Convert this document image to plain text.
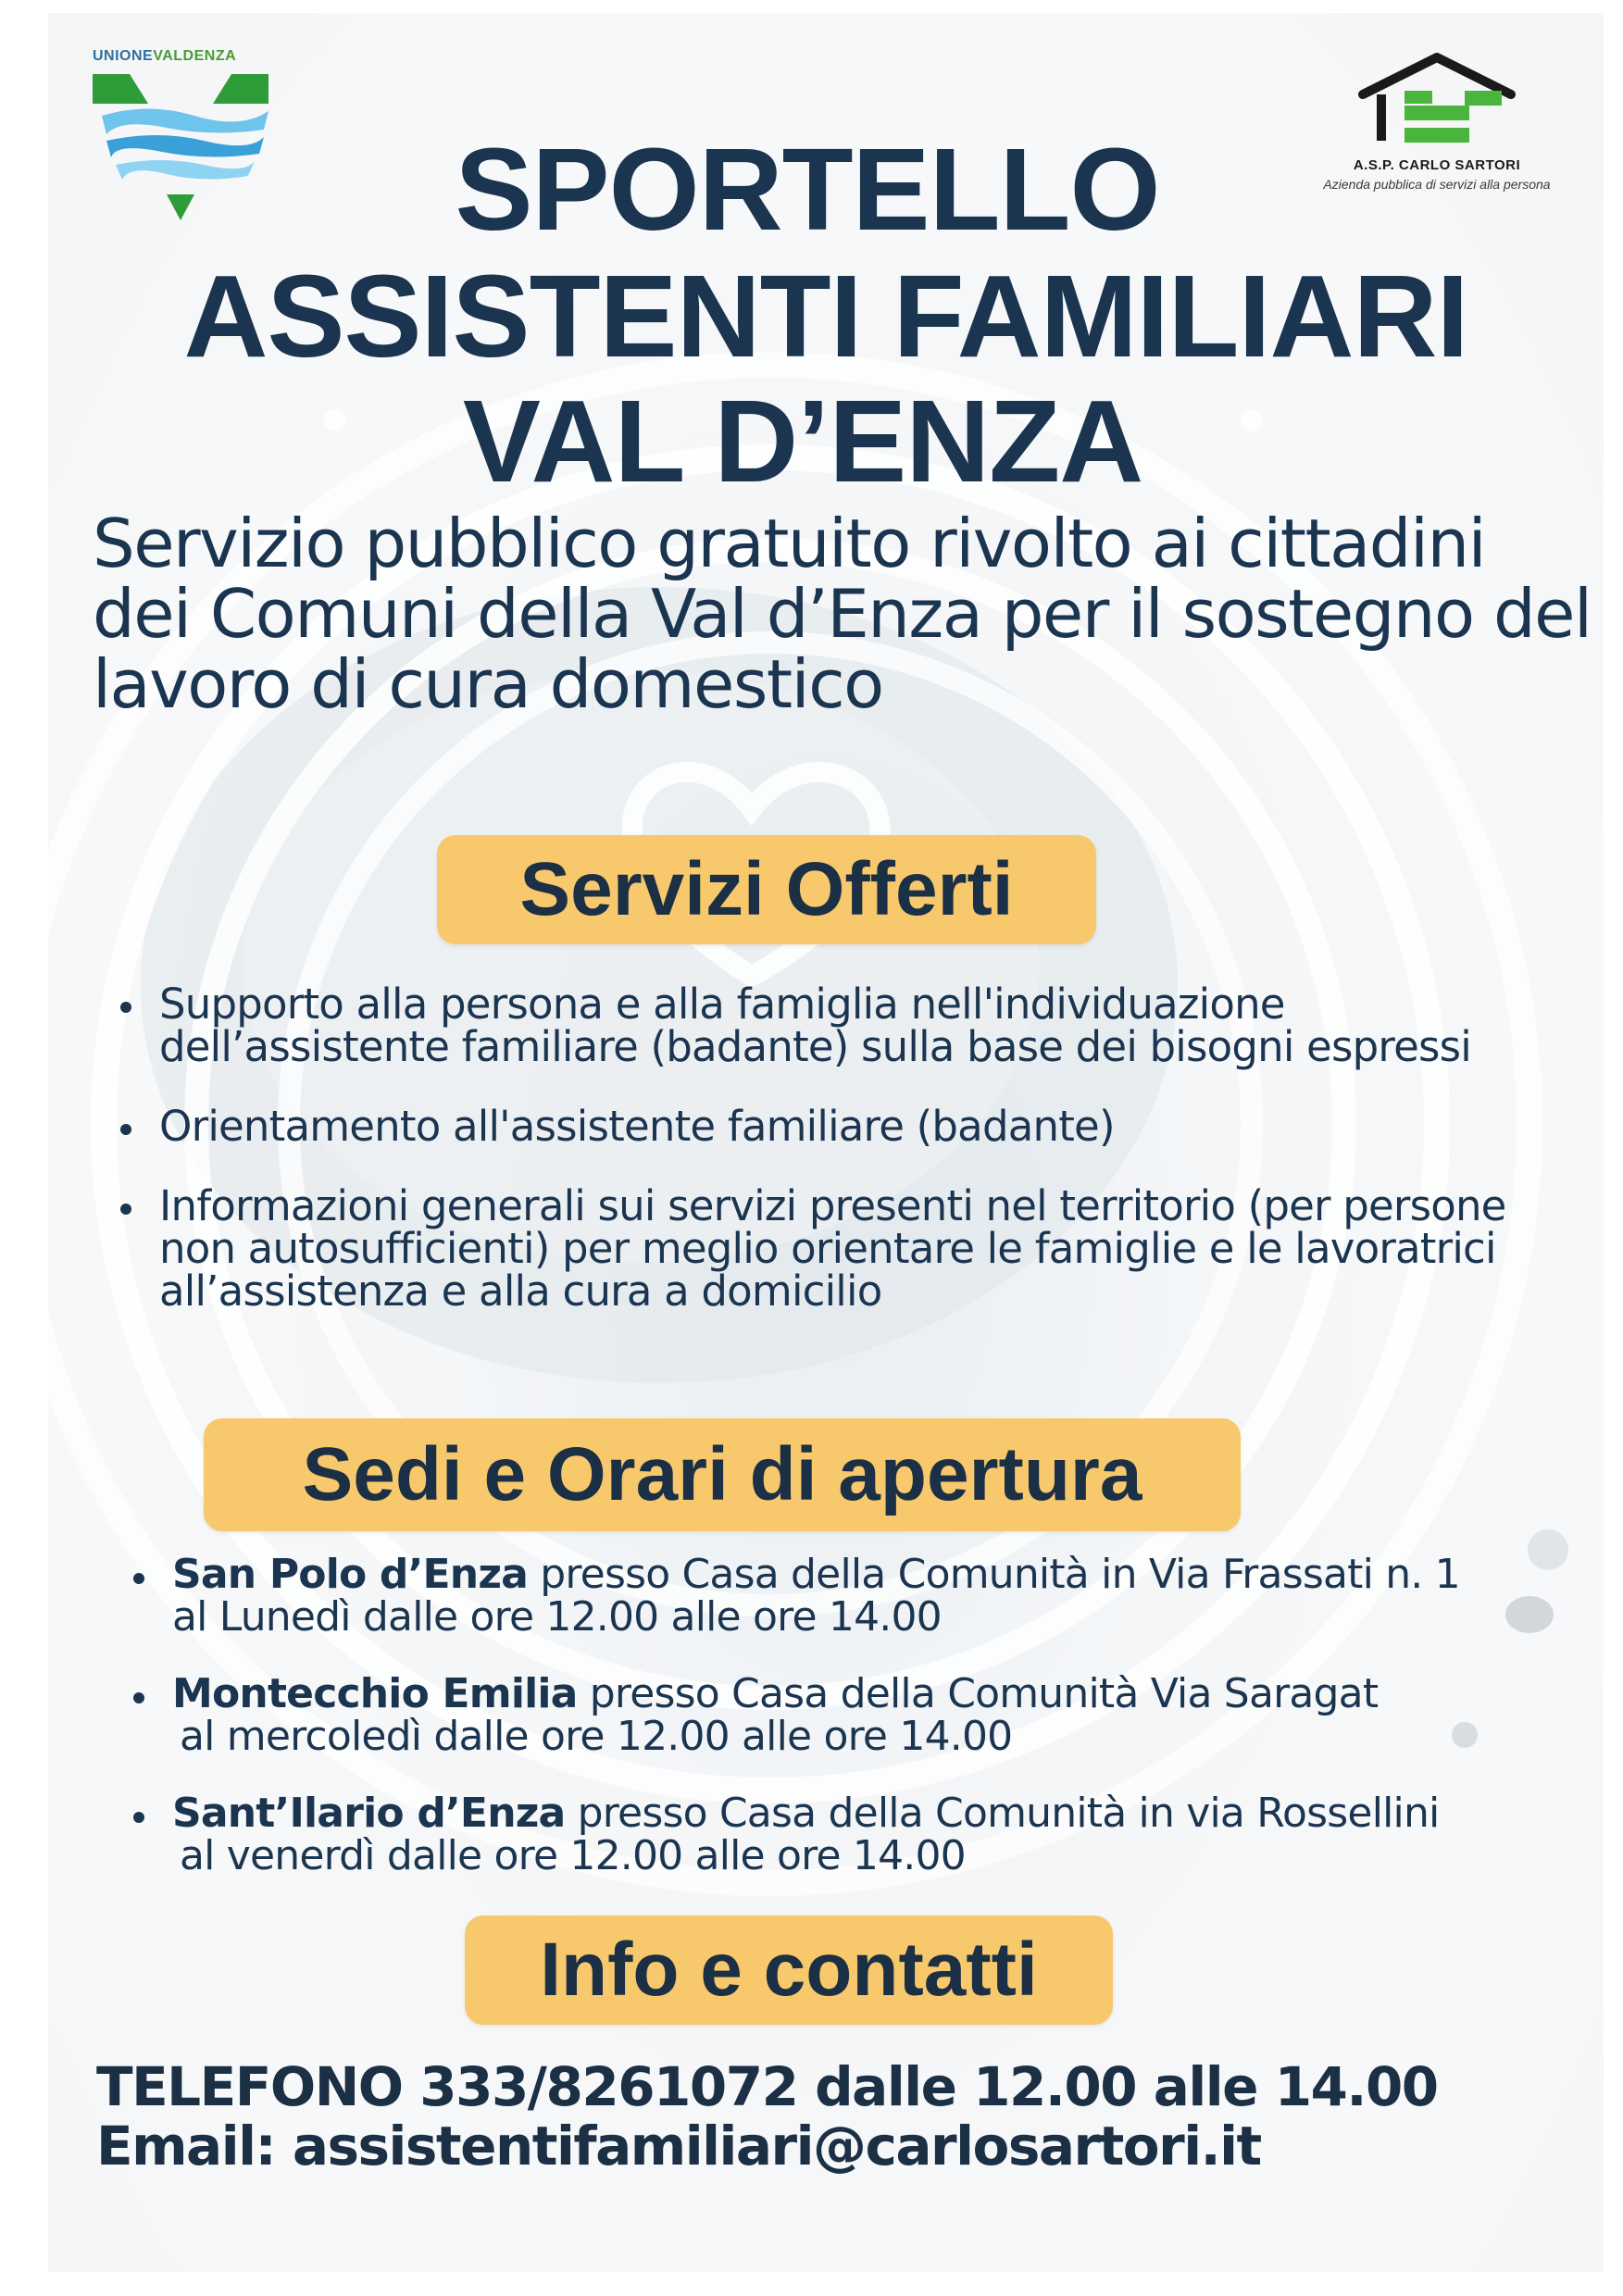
UNIONEVALDENZA
A.S.P. CARLO SARTORI
Azienda pubblica di servizi alla persona
SPORTELLO
ASSISTENTI FAMILIARI
VAL D’ENZA
Servizio pubblico gratuito rivolto ai cittadini dei Comuni della Val d’Enza per il sostegno del lavoro di cura domestico
Servizi Offerti
Supporto alla persona e alla famiglia nell'individuazione dell’assistente familiare (badante) sulla base dei bisogni espressi
Orientamento all'assistente familiare (badante)
Informazioni generali sui servizi presenti nel territorio (per persone non autosufficienti) per meglio orientare le famiglie e le lavoratrici all’assistenza e alla cura a domicilio
Sedi e Orari di apertura
San Polo d’Enza presso Casa della Comunità in Via Frassati n. 1
al Lunedì dalle ore 12.00 alle ore 14.00
Montecchio Emilia presso Casa della Comunità Via Saragat
al mercoledì dalle ore 12.00 alle ore 14.00
Sant’Ilario d’Enza presso Casa della Comunità in via Rossellini
al venerdì dalle ore 12.00 alle ore 14.00
Info e contatti
TELEFONO 333/8261072 dalle 12.00 alle 14.00
Email: assistentifamiliari@carlosartori.it
